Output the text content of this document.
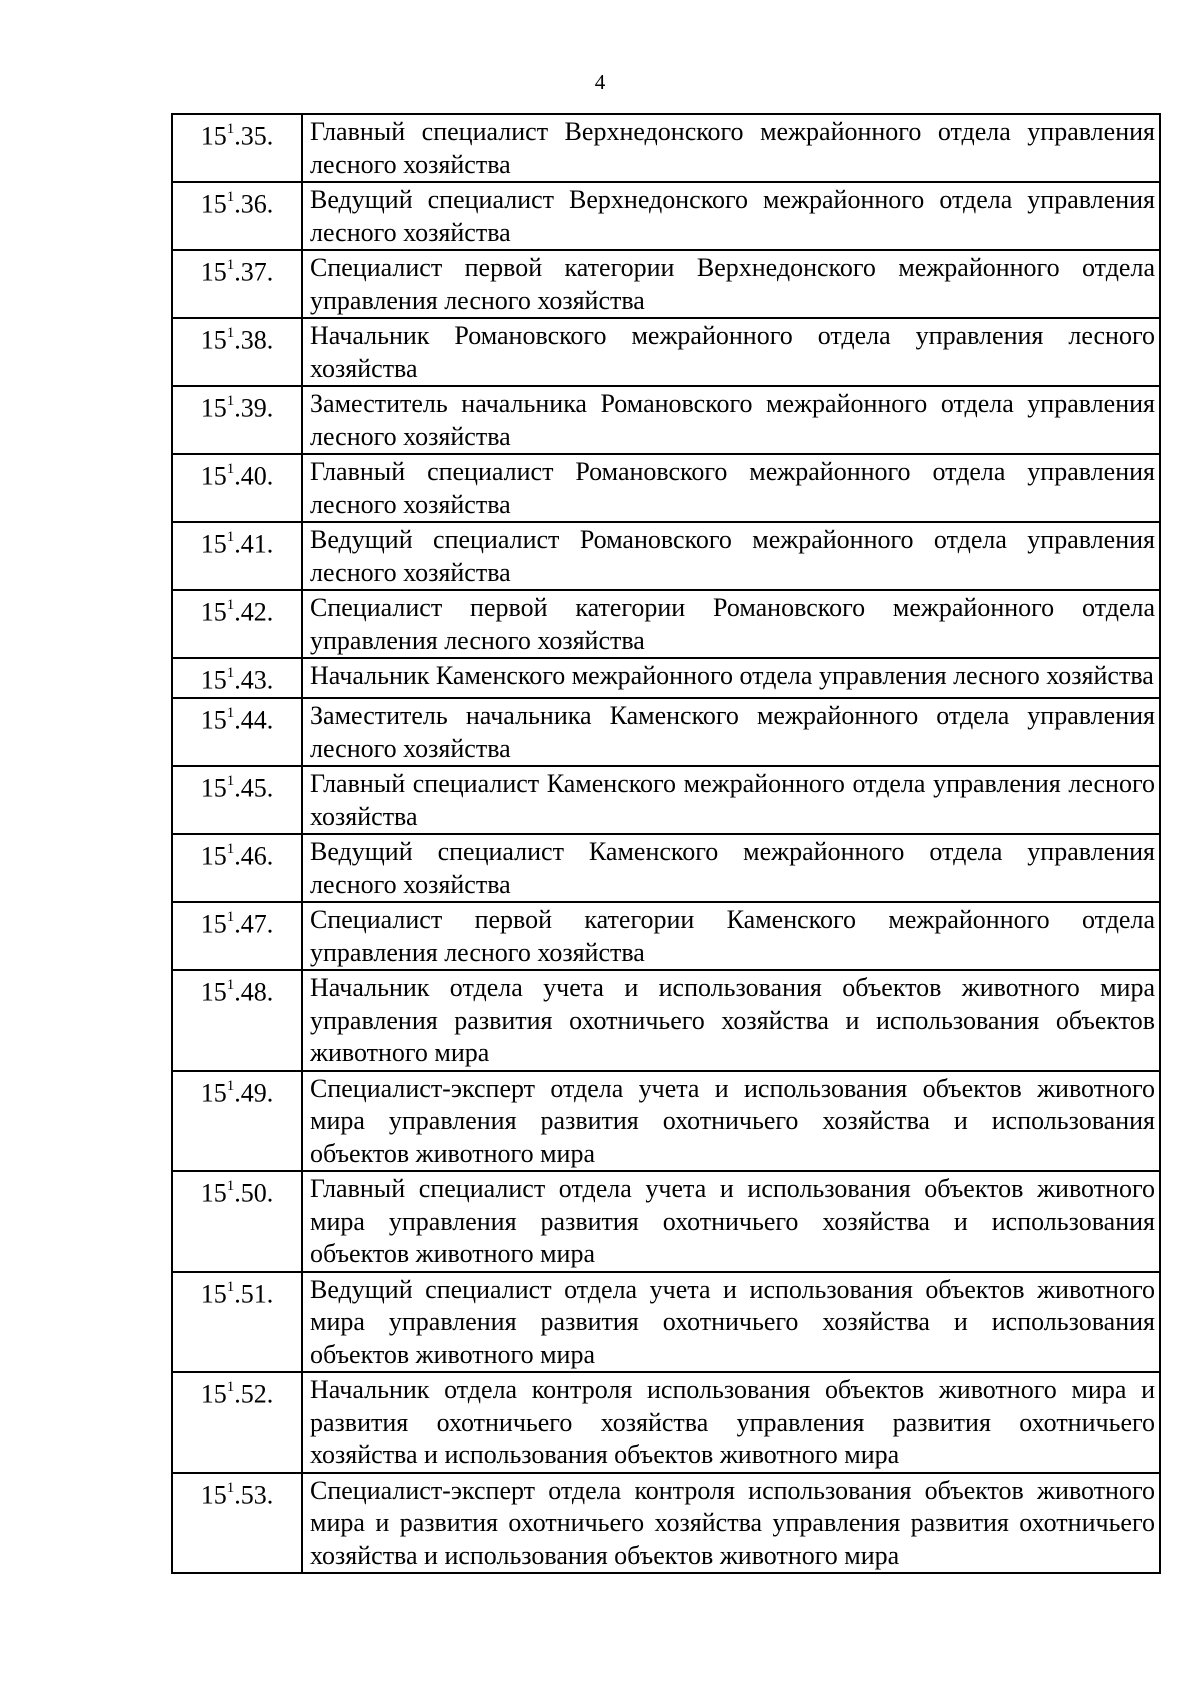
4
$15^1.35$.	Главный специалист Верхнедонского межрайонного отдела управления лесного хозяйства

$15^1.36$.	Ведущий специалист Верхнедонского межрайонного отдела управления лесного хозяйства

$15^1.37$.	Специалист первой категории Верхнедонского межрайонного отдела управления лесного хозяйства

$15^1.38$.	Начальник Романовского межрайонного отдела управления лесного хозяйства

$15^1.39$.	Заместитель начальника Романовского межрайонного отдела управления лесного хозяйства

$15^1.40$.	Главный специалист Романовского межрайонного отдела управления лесного хозяйства

$15^1.41$.	Ведущий специалист Романовского межрайонного отдела управления лесного хозяйства

$15^1.42$.	Специалист первой категории Романовского межрайонного отдела управления лесного хозяйства

$15^1.43$.	Начальник Каменского межрайонного отдела управления лесного хозяйства

$15^1.44$.	Заместитель начальника Каменского межрайонного отдела управления лесного хозяйства

$15^1.45$.	Главный специалист Каменского межрайонного отдела управления лесного хозяйства

$15^1.46$.	Ведущий специалист Каменского межрайонного отдела управления лесного хозяйства

$15^1.47$.	Специалист первой категории Каменского межрайонного отдела управления лесного хозяйства

$15^1.48$.	Начальник отдела учета и использования объектов животного мира управления развития охотничьего хозяйства и использования объектов животного мира

$15^1.49$.	Специалист-эксперт отдела учета и использования объектов животного мира управления развития охотничьего хозяйства и использования объектов животного мира

$15^1.50$.	Главный специалист отдела учета и использования объектов животного мира управления развития охотничьего хозяйства и использования объектов животного мира

$15^1.51$.	Ведущий специалист отдела учета и использования объектов животного мира управления развития охотничьего хозяйства и использования объектов животного мира

$15^1.52$.	Начальник отдела контроля использования объектов животного мира и развития охотничьего хозяйства управления развития охотничьего хозяйства и использования объектов животного мира

$15^1.53$.	Специалист-эксперт отдела контроля использования объектов животного мира и развития охотничьего хозяйства управления развития охотничьего хозяйства и использования объектов животного мира
